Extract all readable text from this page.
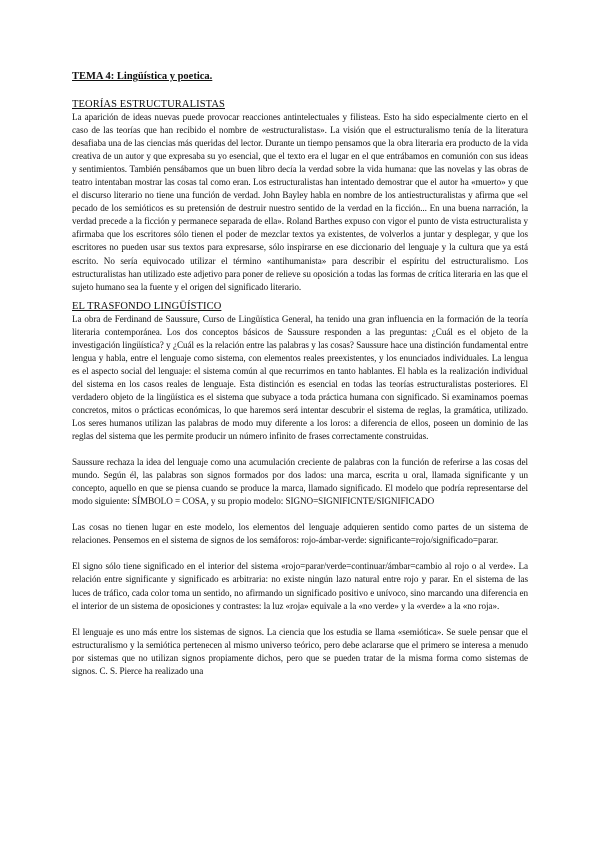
TEMA 4: Lingüística y poetica.
TEORÍAS ESTRUCTURALISTAS

La aparición de ideas nuevas puede provocar reacciones antintelectuales y filisteas. Esto ha sido especialmente cierto en el caso de las teorías que han recibido el nombre de «estructuralistas». La visión que el estructuralismo tenía de la literatura desafiaba una de las ciencias más queridas del lector. Durante un tiempo pensamos que la obra literaria era producto de la vida creativa de un autor y que expresaba su yo esencial, que el texto era el lugar en el que entrábamos en comunión con sus ideas y sentimientos. También pensábamos que un buen libro decía la verdad sobre la vida humana: que las novelas y las obras de teatro intentaban mostrar las cosas tal como eran. Los estructuralistas han intentado demostrar que el autor ha «muerto» y que el discurso literario no tiene una función de verdad. John Bayley habla en nombre de los antiestructuralistas y afirma que «el pecado de los semióticos es su pretensión de destruir nuestro sentido de la verdad en la ficción... En una buena narración, la verdad precede a la ficción y permanece separada de ella». Roland Barthes expuso con vigor el punto de vista estructuralista y afirmaba que los escritores sólo tienen el poder de mezclar textos ya existentes, de volverlos a juntar y desplegar, y que los escritores no pueden usar sus textos para expresarse, sólo inspirarse en ese diccionario del lenguaje y la cultura que ya está escrito. No sería equivocado utilizar el término «antihumanista» para describir el espíritu del estructuralismo. Los estructuralistas han utilizado este adjetivo para poner de relieve su oposición a todas las formas de crítica literaria en las que el sujeto humano sea la fuente y el origen del significado literario.

EL TRASFONDO LINGÜÍSTICO

La obra de Ferdinand de Saussure, Curso de Lingüística General, ha tenido una gran influencia en la formación de la teoría literaria contemporánea. Los dos conceptos básicos de Saussure responden a las preguntas: ¿Cuál es el objeto de la investigación lingüística? y ¿Cuál es la relación entre las palabras y las cosas? Saussure hace una distinción fundamental entre lengua y habla, entre el lenguaje como sistema, con elementos reales preexistentes, y los enunciados individuales. La lengua es el aspecto social del lenguaje: el sistema común al que recurrimos en tanto hablantes. El habla es la realización individual del sistema en los casos reales de lenguaje. Esta distinción es esencial en todas las teorías estructuralistas posteriores. El verdadero objeto de la lingüística es el sistema que subyace a toda práctica humana con significado. Si examinamos poemas concretos, mitos o prácticas económicas, lo que haremos será intentar descubrir el sistema de reglas, la gramática, utilizado. Los seres humanos utilizan las palabras de modo muy diferente a los loros: a diferencia de ellos, poseen un dominio de las reglas del sistema que les permite producir un número infinito de frases correctamente construidas.

Saussure rechaza la idea del lenguaje como una acumulación creciente de palabras con la función de referirse a las cosas del mundo. Según él, las palabras son signos formados por dos lados: una marca, escrita u oral, llamada significante y un concepto, aquello en que se piensa cuando se produce la marca, llamado significado. El modelo que podría representarse del modo siguiente: SÍMBOLO = COSA, y su propio modelo: SIGNO=SIGNIFICNTE/SIGNIFICADO

Las cosas no tienen lugar en este modelo, los elementos del lenguaje adquieren sentido como partes de un sistema de relaciones. Pensemos en el sistema de signos de los semáforos: rojo-ámbar-verde: significante=rojo/significado=parar.

El signo sólo tiene significado en el interior del sistema «rojo=parar/verde=continuar/ámbar=cambio al rojo o al verde». La relación entre significante y significado es arbitraria: no existe ningún lazo natural entre rojo y parar. En el sistema de las luces de tráfico, cada color toma un sentido, no afirmando un significado positivo e unívoco, sino marcando una diferencia en el interior de un sistema de oposiciones y contrastes: la luz «roja» equivale a la «no verde» y la «verde» a la «no roja».

El lenguaje es uno más entre los sistemas de signos. La ciencia que los estudia se llama «semiótica». Se suele pensar que el estructuralismo y la semiótica pertenecen al mismo universo teórico, pero debe aclararse que el primero se interesa a menudo por sistemas que no utilizan signos propiamente dichos, pero que se pueden tratar de la misma forma como sistemas de signos. C. S. Pierce ha realizado una
